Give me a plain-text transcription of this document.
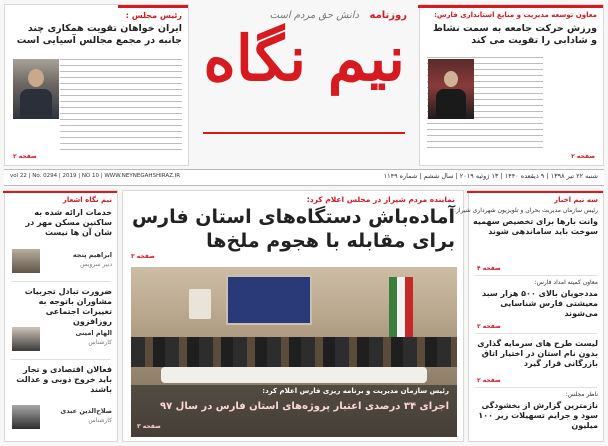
رئیس مجلس :
ایران خواهان تقویت همکاری چند جانبه در مجمع مجالس آسیایی است
صفحه ۲
دانش حق مردم است روزنامه
نیم نگاه
معاون توسعه مدیریت و منابع استانداری فارس:
ورزش حرکت جامعه به سمت نشاط و شادابی را تقویت می کند
صفحه ۲
شنبه ۲۲ تیر ۱۳۹۸ | ۹ ذیقعده ۱۴۴۰ | ۱۳ ژوئیه ۲۰۱۹ | سال ششم | شماره ۱۱۴۹
vol 22 | No. 0294 | 2019 | NO 10 | WWW.NEYNEGAHSHIRAZ.IR
نیم نگاه اشعار
خدمات ارائه شده به ساکنین مسکن مهر در شان آن ها نیست
ابراهیم پنجه
دبیر سرویس
ضرورت تبادل تجربیات مشاوران باتوجه به تغییرات اجتماعی روزافزون
الهام امینی
کارشناس
فعالان اقتصادی و تجار باید خروج ذوبی و عدالت باشند
صلاح‌الدین عبدی
کارشناس
نماینده مردم شیراز در مجلس اعلام کرد:
آماده‌باش دستگاه‌های استان فارس
برای مقابله با هجوم ملخ‌ها
صفحه ۳
رئیس سازمان مدیریت و برنامه ریزی فارس اعلام کرد:
اجرای ۳۴ درصدی اعتبار پروژه‌های استان فارس در سال ۹۷
صفحه ۳
سه نیم اخبار
رئیس سازمان مدیریت بحران و تلویزیون شهرداری شیراز:
وانت بارها برای تخصیص سهمیه سوخت باید ساماندهی شوند
صفحه ۴
معاون کمیته امداد فارس:
مددجویان بالای ۵۰۰ هزار سبد معیشتی فارس شناسایی می‌شوند
صفحه ۲
لیست طرح های سرمایه گذاری بدون نام استان در اختیار اتاق بازرگانی قرار گیرد
صفحه ۲
ناظر مجلس:
نازمترین گزارش از بخشودگی سود و جرایم تسهیلات زیر ۱۰۰ میلیون
